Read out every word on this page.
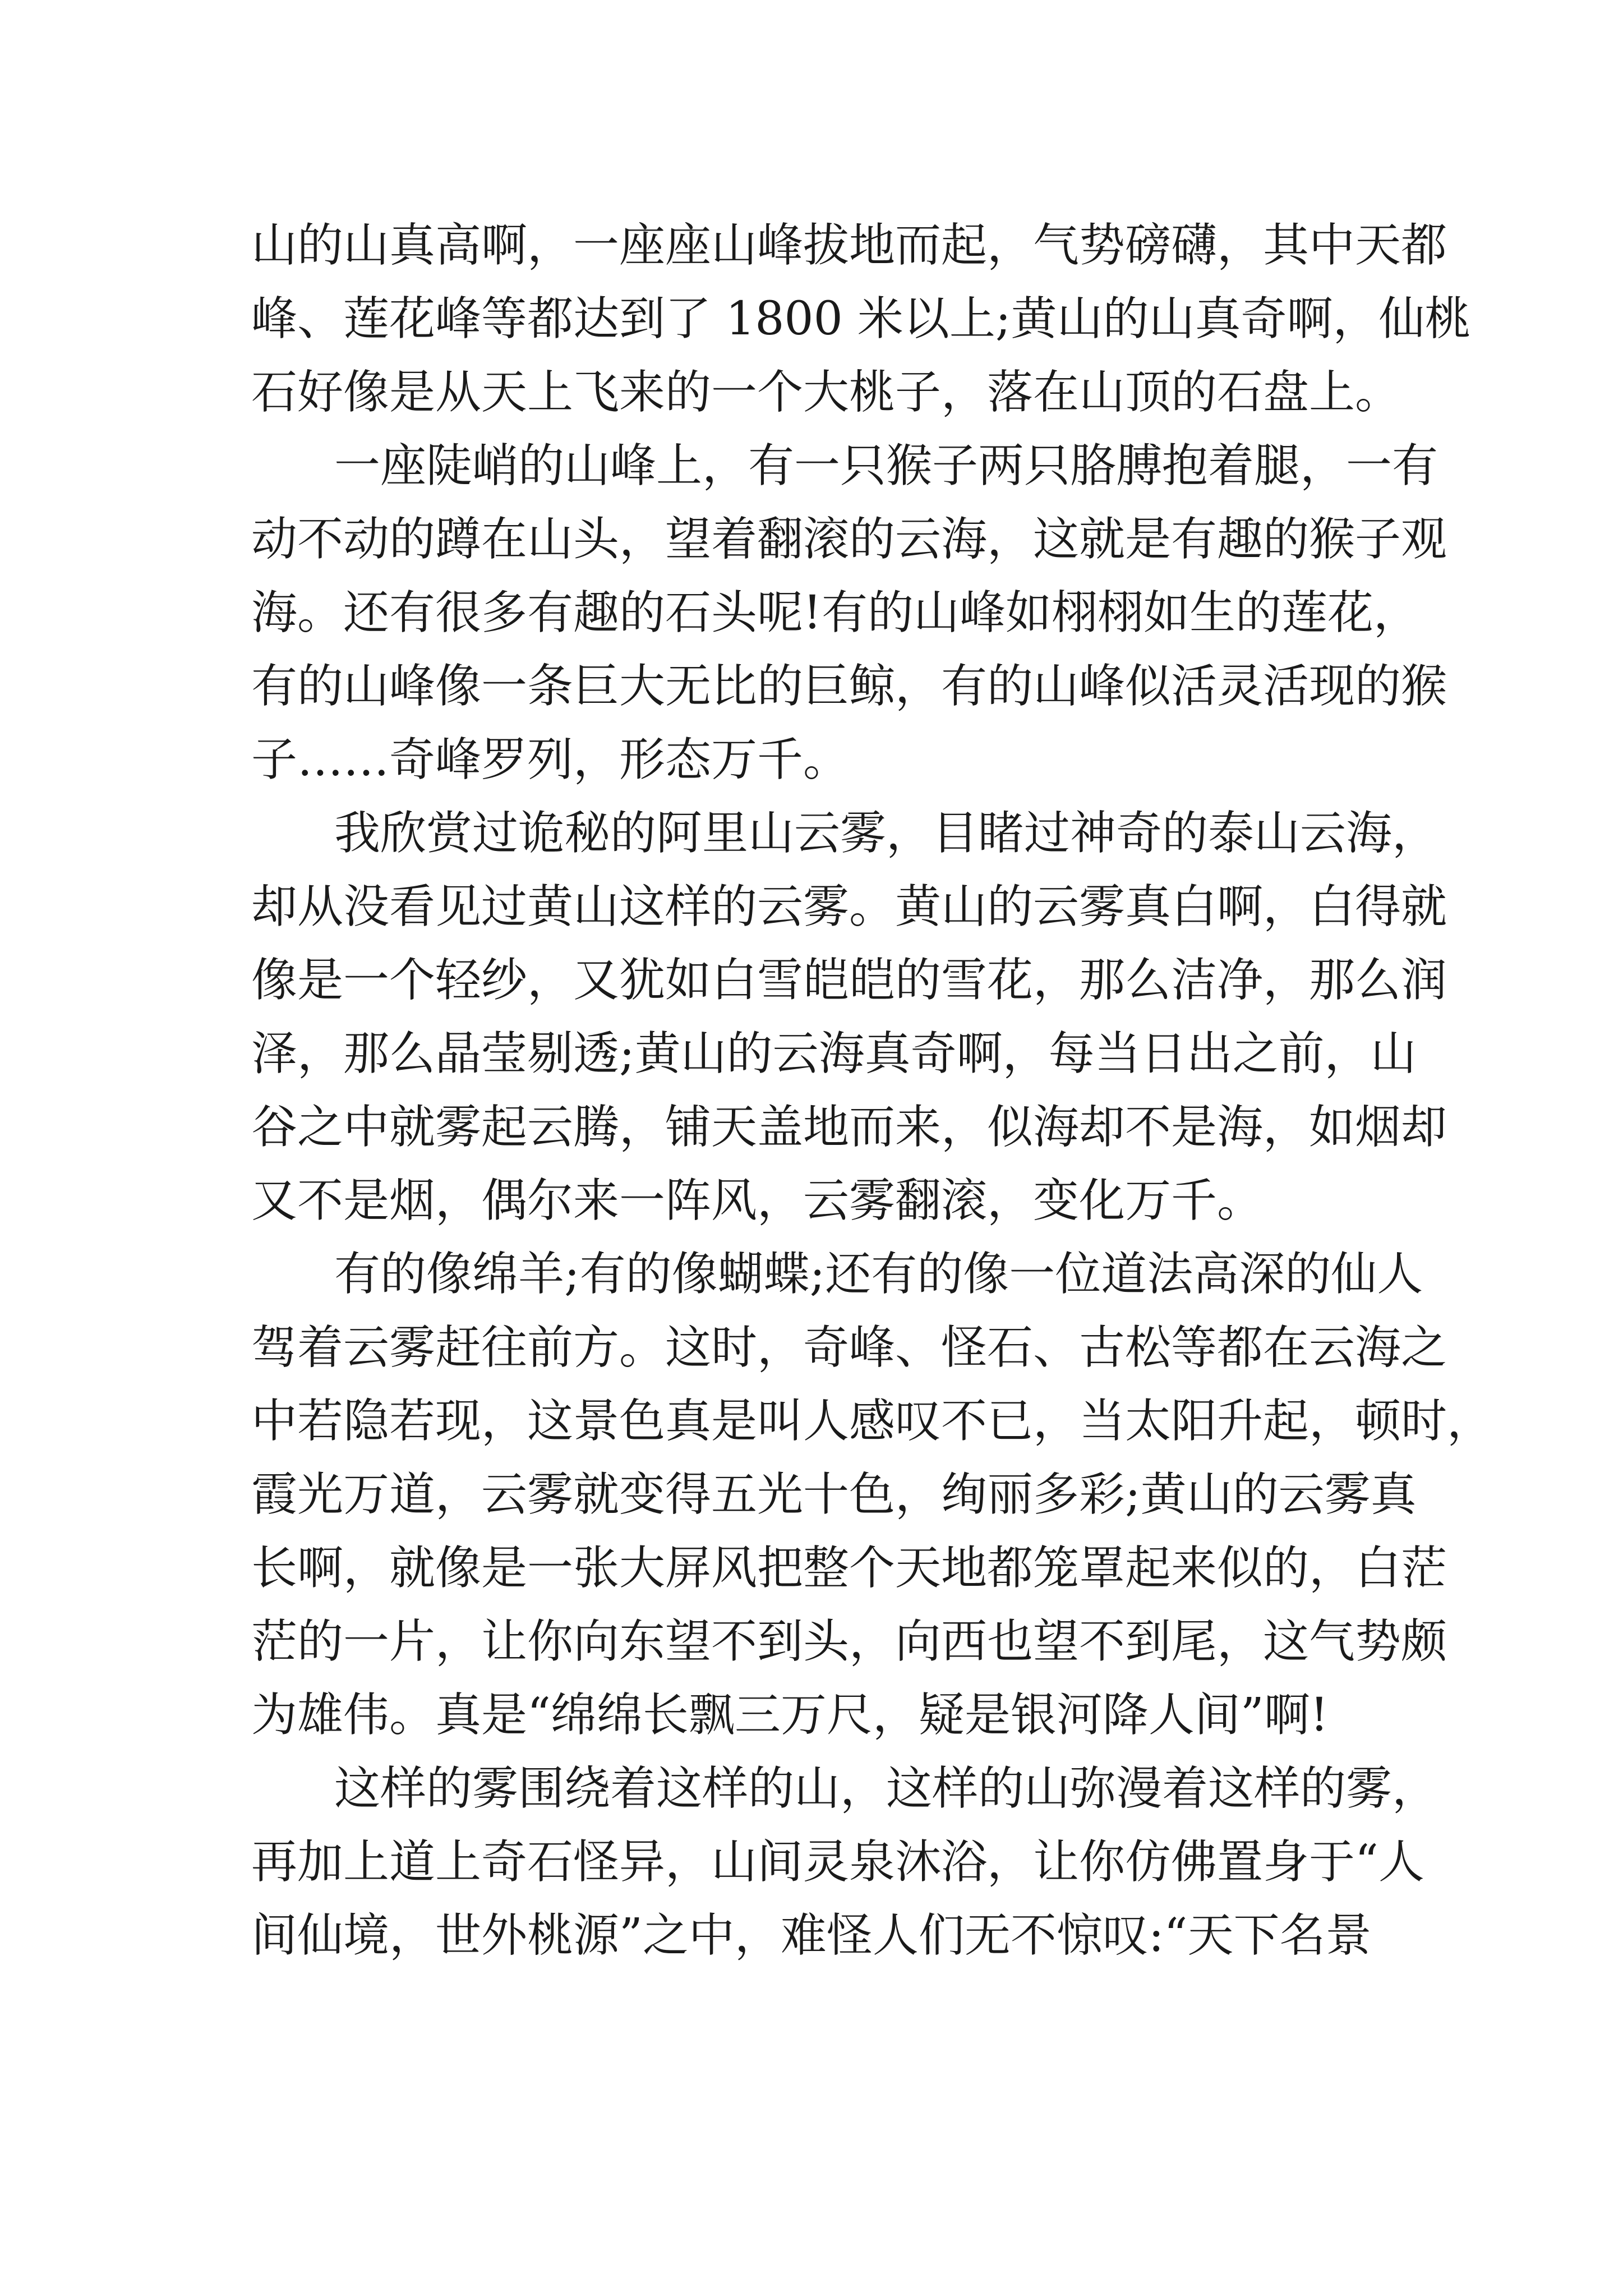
山的山真高啊，一座座山峰拔地而起，气势磅礴，其中天都
峰、莲花峰等都达到了 1800 米以上;黄山的山真奇啊，仙桃
石好像是从天上飞来的一个大桃子，落在山顶的石盘上。
一座陡峭的山峰上，有一只猴子两只胳膊抱着腿，一有
动不动的蹲在山头，望着翻滚的云海，这就是有趣的猴子观
海。还有很多有趣的石头呢!有的山峰如栩栩如生的莲花，
有的山峰像一条巨大无比的巨鲸，有的山峰似活灵活现的猴
子……奇峰罗列，形态万千。
我欣赏过诡秘的阿里山云雾，目睹过神奇的泰山云海，
却从没看见过黄山这样的云雾。黄山的云雾真白啊，白得就
像是一个轻纱，又犹如白雪皑皑的雪花，那么洁净，那么润
泽，那么晶莹剔透;黄山的云海真奇啊，每当日出之前，山
谷之中就雾起云腾，铺天盖地而来，似海却不是海，如烟却
又不是烟，偶尔来一阵风，云雾翻滚，变化万千。
有的像绵羊;有的像蝴蝶;还有的像一位道法高深的仙人
驾着云雾赶往前方。这时，奇峰、怪石、古松等都在云海之
中若隐若现，这景色真是叫人感叹不已，当太阳升起，顿时，
霞光万道，云雾就变得五光十色，绚丽多彩;黄山的云雾真
长啊，就像是一张大屏风把整个天地都笼罩起来似的，白茫
茫的一片，让你向东望不到头，向西也望不到尾，这气势颇
为雄伟。真是“绵绵长飘三万尺，疑是银河降人间”啊!
这样的雾围绕着这样的山，这样的山弥漫着这样的雾，
再加上道上奇石怪异，山间灵泉沐浴，让你仿佛置身于“人
间仙境，世外桃源”之中，难怪人们无不惊叹:“天下名景
